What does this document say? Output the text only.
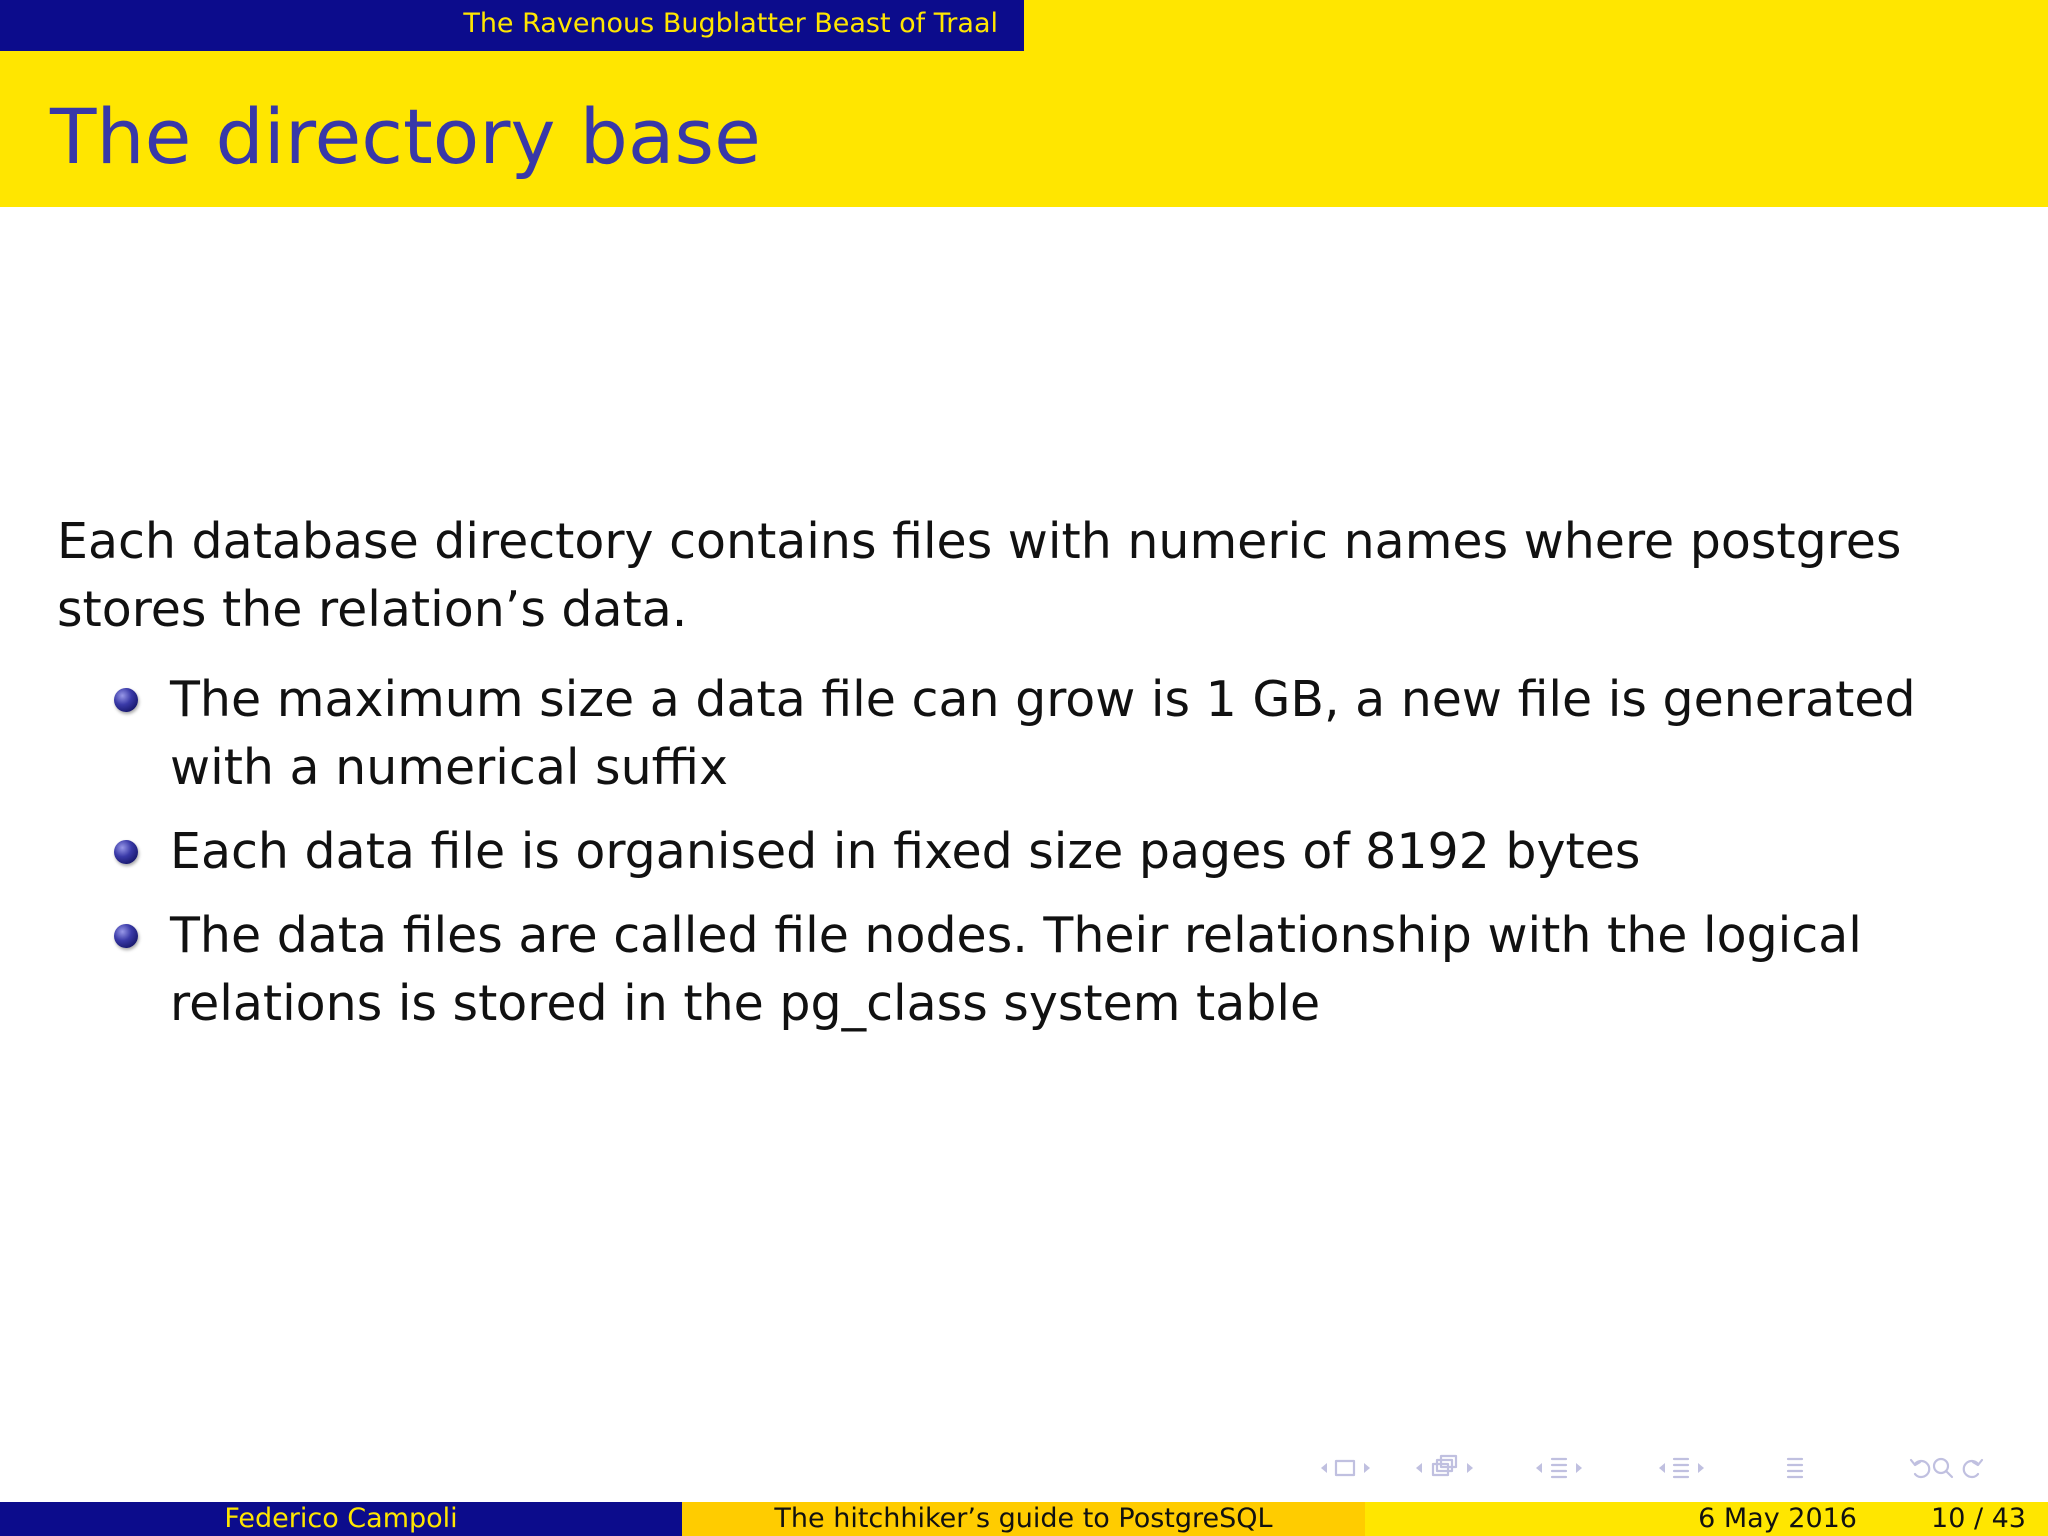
The Ravenous Bugblatter Beast of Traal
The directory base

Each database directory contains files with numeric names where postgres stores the relation’s data.

The maximum size a data file can grow is 1 GB, a new file is generated with a numerical suffix
Each data file is organised in fixed size pages of 8192 bytes
The data files are called file nodes. Their relationship with the logical relations is stored in the pg_class system table
Federico Campoli	The hitchhiker’s guide to PostgreSQL	6 May 2016	10 / 43
